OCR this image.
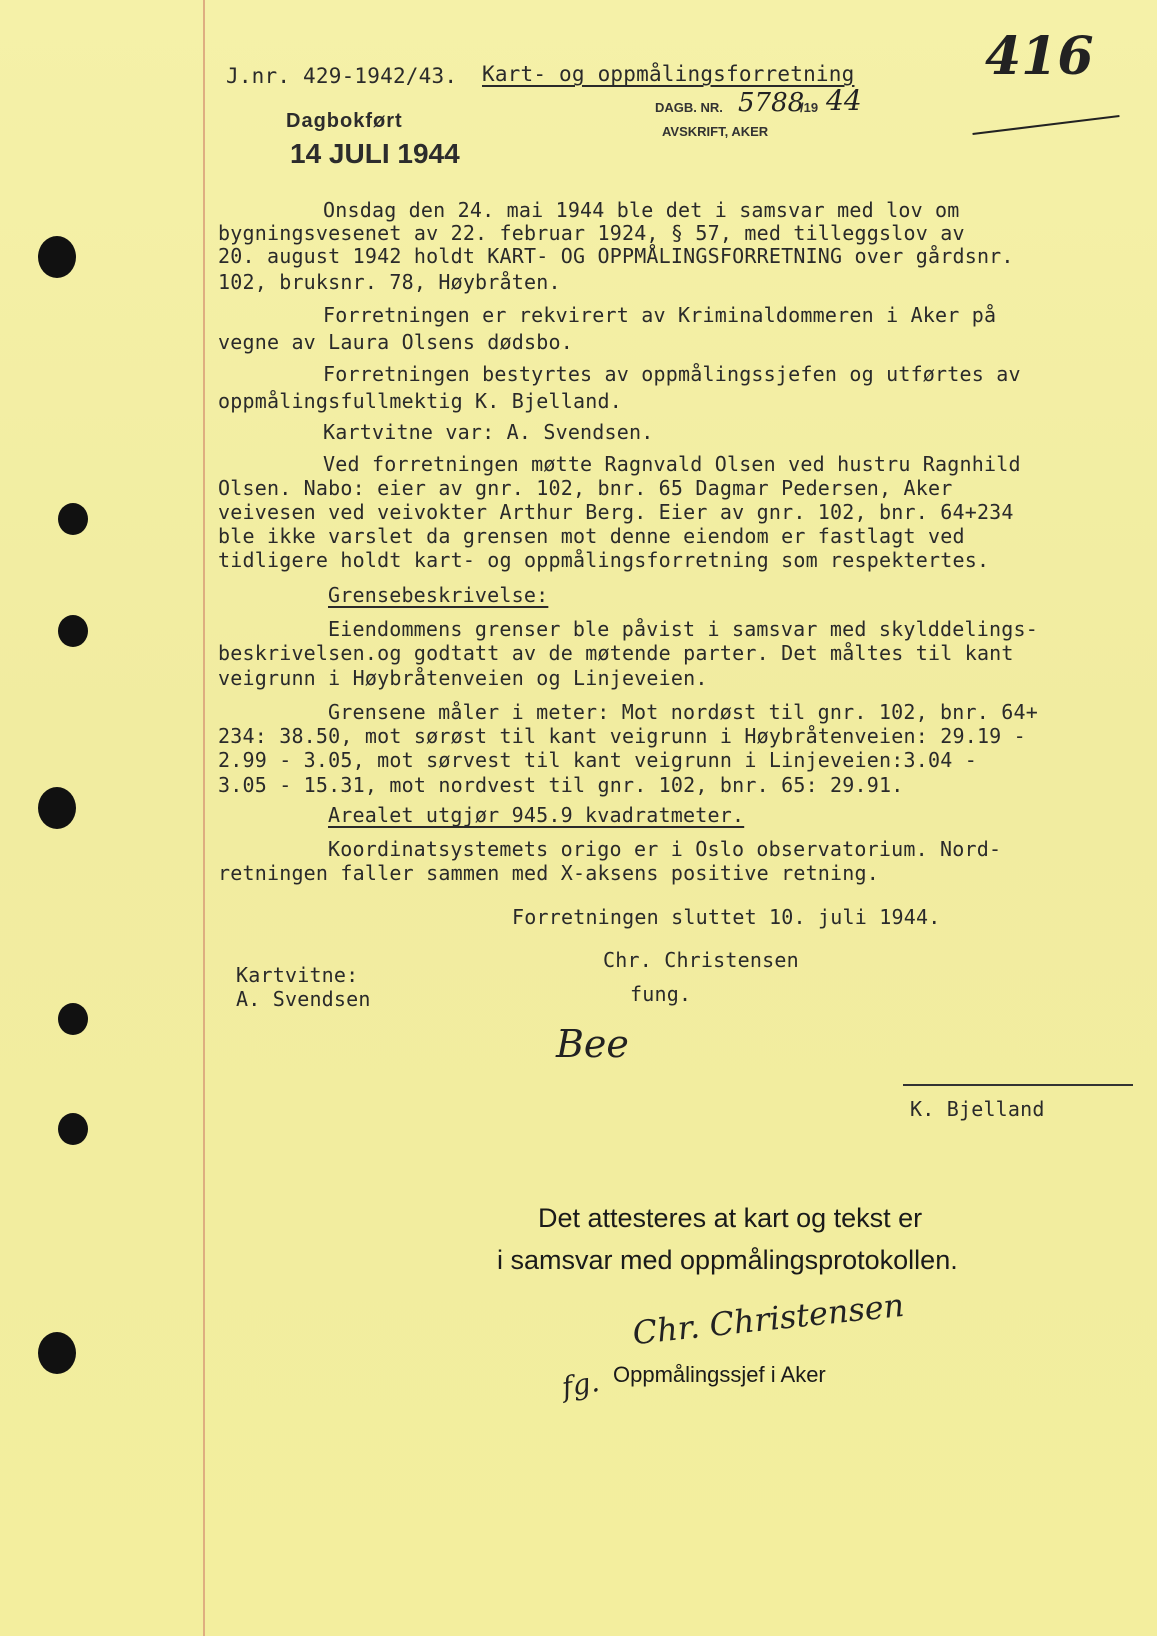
J.nr. 429-1942/43. Kart- og oppmålingsforretning
Dagbokført
14 JULI 1944
DAGB. NR. 5788
/19 44
AVSKRIFT, AKER
416
Onsdag den 24. mai 1944 ble det i samsvar med lov om
bygningsvesenet av 22. februar 1924, § 57, med tilleggslov av
20. august 1942 holdt KART- OG OPPMÅLINGSFORRETNING over gårdsnr.
102, bruksnr. 78, Høybråten.
Forretningen er rekvirert av Kriminaldommeren i Aker på
vegne av Laura Olsens dødsbo.
Forretningen bestyrtes av oppmålingssjefen og utførtes av
oppmålingsfullmektig K. Bjelland.
Kartvitne var: A. Svendsen.
Ved forretningen møtte Ragnvald Olsen ved hustru Ragnhild
Olsen. Nabo: eier av gnr. 102, bnr. 65 Dagmar Pedersen, Aker
veivesen ved veivokter Arthur Berg. Eier av gnr. 102, bnr. 64+234
ble ikke varslet da grensen mot denne eiendom er fastlagt ved
tidligere holdt kart- og oppmålingsforretning som respektertes.
Grensebeskrivelse:
Eiendommens grenser ble påvist i samsvar med skylddelings-
beskrivelsen.og godtatt av de møtende parter. Det måltes til kant
veigrunn i Høybråtenveien og Linjeveien.
Grensene måler i meter: Mot nordøst til gnr. 102, bnr. 64+
234: 38.50, mot sørøst til kant veigrunn i Høybråtenveien: 29.19 -
2.99 - 3.05, mot sørvest til kant veigrunn i Linjeveien:3.04 -
3.05 - 15.31, mot nordvest til gnr. 102, bnr. 65: 29.91.
Arealet utgjør 945.9 kvadratmeter.
Koordinatsystemets origo er i Oslo observatorium. Nord-
retningen faller sammen med X-aksens positive retning.
Forretningen sluttet 10. juli 1944.
Chr. Christensen
fung.
Kartvitne:
A. Svendsen
Bee
K. Bjelland
Det attesteres at kart og tekst er
i samsvar med oppmålingsprotokollen.
Chr. Christensen
fg. Oppmålingssjef i Aker
